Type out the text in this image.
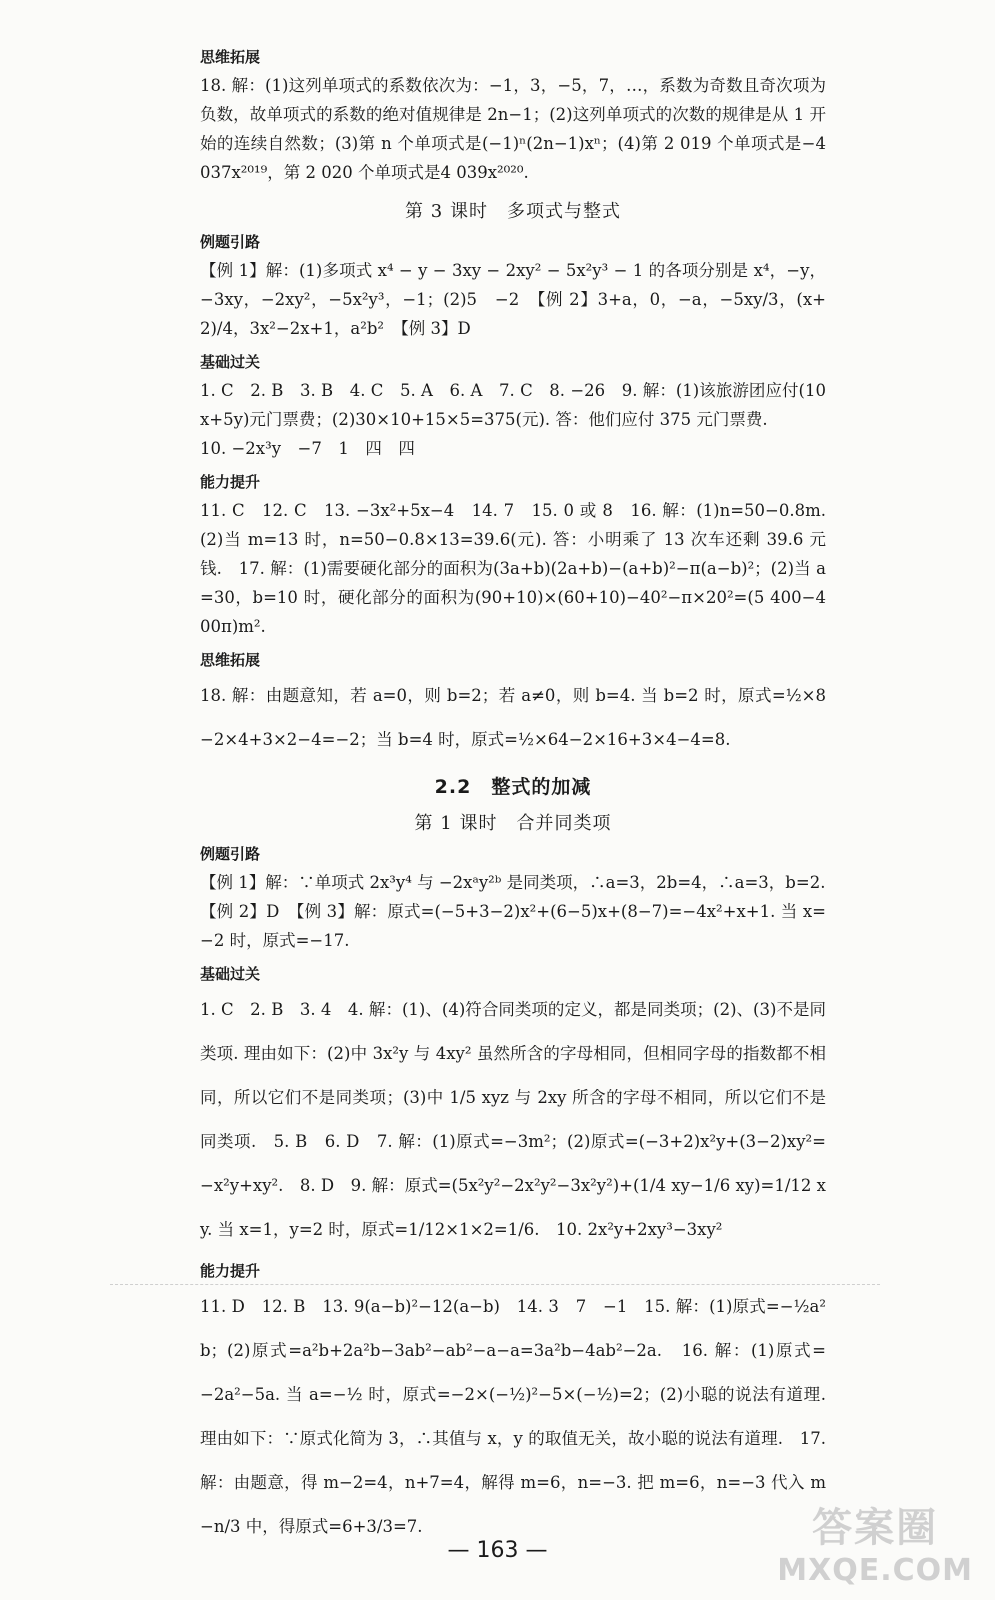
思维拓展
18. 解：(1)这列单项式的系数依次为：−1，3，−5，7，…，系数为奇数且奇次项为负数，故单项式的系数的绝对值规律是 2n−1；(2)这列单项式的次数的规律是从 1 开始的连续自然数；(3)第 n 个单项式是(−1)ⁿ(2n−1)xⁿ；(4)第 2 019 个单项式是−4 037x²⁰¹⁹，第 2 020 个单项式是4 039x²⁰²⁰.
第 3 课时　多项式与整式
例题引路
【例 1】解：(1)多项式 x⁴ − y − 3xy − 2xy² − 5x²y³ − 1 的各项分别是 x⁴，−y，−3xy，−2xy²，−5x²y³，−1；(2)5　−2　【例 2】3+a，0，−a，−5xy/3，(x+2)/4，3x²−2x+1，a²b²　【例 3】D
基础过关
1. C　2. B　3. B　4. C　5. A　6. A　7. C　8. −26　9. 解：(1)该旅游团应付(10x+5y)元门票费；(2)30×10+15×5=375(元). 答：他们应付 375 元门票费.
10. −2x³y　−7　1　四　四
能力提升
11. C　12. C　13. −3x²+5x−4　14. 7　15. 0 或 8　16. 解：(1)n=50−0.8m. (2)当 m=13 时，n=50−0.8×13=39.6(元). 答：小明乘了 13 次车还剩 39.6 元钱.　17. 解：(1)需要硬化部分的面积为(3a+b)(2a+b)−(a+b)²−π(a−b)²；(2)当 a=30，b=10 时，硬化部分的面积为(90+10)×(60+10)−40²−π×20²=(5 400−400π)m².
思维拓展
18. 解：由题意知，若 a=0，则 b=2；若 a≠0，则 b=4. 当 b=2 时，原式=½×8−2×4+3×2−4=−2；当 b=4 时，原式=½×64−2×16+3×4−4=8.
2.2　整式的加减
第 1 课时　合并同类项
例题引路
【例 1】解：∵单项式 2x³y⁴ 与 −2xᵃy²ᵇ 是同类项，∴a=3，2b=4，∴a=3，b=2.
【例 2】D　【例 3】解：原式=(−5+3−2)x²+(6−5)x+(8−7)=−4x²+x+1. 当 x=−2 时，原式=−17.
基础过关
1. C　2. B　3. 4　4. 解：(1)、(4)符合同类项的定义，都是同类项；(2)、(3)不是同类项. 理由如下：(2)中 3x²y 与 4xy² 虽然所含的字母相同，但相同字母的指数都不相同，所以它们不是同类项；(3)中 1/5 xyz 与 2xy 所含的字母不相同，所以它们不是同类项.　5. B　6. D　7. 解：(1)原式=−3m²；(2)原式=(−3+2)x²y+(3−2)xy²=−x²y+xy².　8. D　9. 解：原式=(5x²y²−2x²y²−3x²y²)+(1/4 xy−1/6 xy)=1/12 xy. 当 x=1，y=2 时，原式=1/12×1×2=1/6.　10. 2x²y+2xy³−3xy²
能力提升
11. D　12. B　13. 9(a−b)²−12(a−b)　14. 3　7　−1　15. 解：(1)原式=−½a²b；(2)原式=a²b+2a²b−3ab²−ab²−a−a=3a²b−4ab²−2a.　16. 解：(1)原式=−2a²−5a. 当 a=−½ 时，原式=−2×(−½)²−5×(−½)=2；(2)小聪的说法有道理. 理由如下：∵原式化简为 3，∴其值与 x，y 的取值无关，故小聪的说法有道理.　17. 解：由题意，得 m−2=4，n+7=4，解得 m=6，n=−3. 把 m=6，n=−3 代入 m−n/3 中，得原式=6+3/3=7.
— 163 —	答案圈
MXQE.COM
